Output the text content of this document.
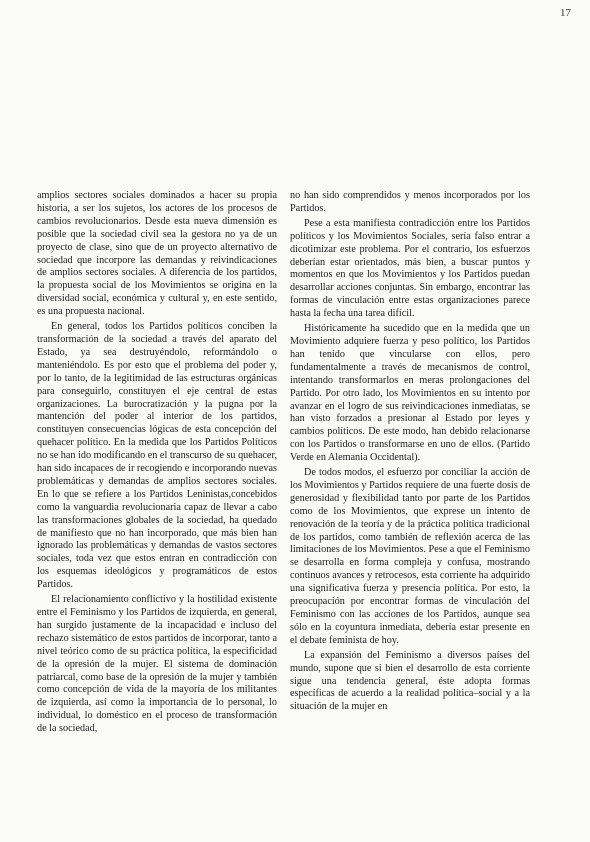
17

amplios sectores sociales dominados a hacer su propia historia, a ser los sujetos, los actores de los procesos de cambios revolucionarios. Desde esta nueva dimensión es posible que la sociedad civil sea la gestora no ya de un proyecto de clase, sino que de un proyecto alternativo de sociedad que incorpore las demandas y reivindicaciones de amplios sectores sociales. A diferencia de los partidos, la propuesta social de los Movimientos se origina en la diversidad social, económica y cultural y, en este sentido, es una propuesta nacional.

En general, todos los Partidos políticos conciben la transformación de la sociedad a través del aparato del Estado, ya sea destruyéndolo, reformándolo o manteniéndolo. Es por esto que el problema del poder y, por lo tanto, de la legitimidad de las estructuras orgánicas para conseguirlo, constituyen el eje central de estas organizaciones. La burocratización y la pugna por la mantención del poder al interior de los partidos, constituyen consecuencias lógicas de esta concepción del quehacer político. En la medida que los Partidos Políticos no se han ido modificando en el transcurso de su quehacer, han sido incapaces de ir recogiendo e incorporando nuevas problemáticas y demandas de amplios sectores sociales. En lo que se refiere a los Partidos Leninistas,concebidos como la vanguardia revolucionaria capaz de llevar a cabo las transformaciones globales de la sociedad, ha quedado de manifiesto que no han incorporado, que más bien han ignorado las problemáticas y demandas de vastos sectores sociales, toda vez que estos entran en contradicción con los esquemas ideológicos y programáticos de estos Partidos.

El relacionamiento conflictivo y la hostilidad existente entre el Feminismo y los Partidos de izquierda, en general, han surgido justamente de la incapacidad e incluso del rechazo sistemático de estos partidos de incorporar, tanto a nivel teórico como de su práctica política, la especificidad de la opresión de la mujer. El sistema de dominación patriarcal, como base de la opresión de la mujer y también como concepción de vida de la mayoría de los militantes de izquierda, así como la importancia de lo personal, lo individual, lo doméstico en el proceso de transformación de la sociedad,

no han sido comprendidos y menos incorporados por los Partidos.

Pese a esta manifiesta contradicción entre los Partidos políticos y los Movimientos Sociales, sería falso entrar a dicotimizar este problema. Por el contrario, los esfuerzos deberían estar orientados, más bien, a buscar puntos y momentos en que los Movimientos y los Partidos puedan desarrollar acciones conjuntas. Sin embargo, encontrar las formas de vinculación entre estas organizaciones parece hasta la fecha una tarea difícil.

Históricamente ha sucedido que en la medida que un Movimiento adquiere fuerza y peso político, los Partidos han tenido que vincularse con ellos, pero fundamentalmente a través de mecanismos de control, intentando transformarlos en meras prolongaciones del Partido. Por otro lado, los Movimientos en su intento por avanzar en el logro de sus reivindicaciones inmediatas, se han visto forzados a presionar al Estado por leyes y cambios políticos. De este modo, han debido relacionarse con los Partidos o transformarse en uno de ellos. (Partido Verde en Alemania Occidental).

De todos modos, el esfuerzo por conciliar la acción de los Movimientos y Partidos requiere de una fuerte dosis de generosidad y flexibilidad tanto por parte de los Partidos como de los Movimientos, que exprese un intento de renovación de la teoría y de la práctica política tradicional de los partidos, como también de reflexión acerca de las limitaciones de los Movimientos. Pese a que el Feminismo se desarrolla en forma compleja y confusa, mostrando continuos avances y retrocesos, esta corriente ha adquirido una significativa fuerza y presencia política. Por esto, la preocupación por encontrar formas de vinculación del Feminismo con las acciones de los Partidos, aunque sea sólo en la coyuntura inmediata, debería estar presente en el debate feminista de hoy.

La expansión del Feminismo a diversos países del mundo, supone que si bien el desarrollo de esta corriente sigue una tendencia general, éste adopta formas específicas de acuerdo a la realidad política–social y a la situación de la mujer en
